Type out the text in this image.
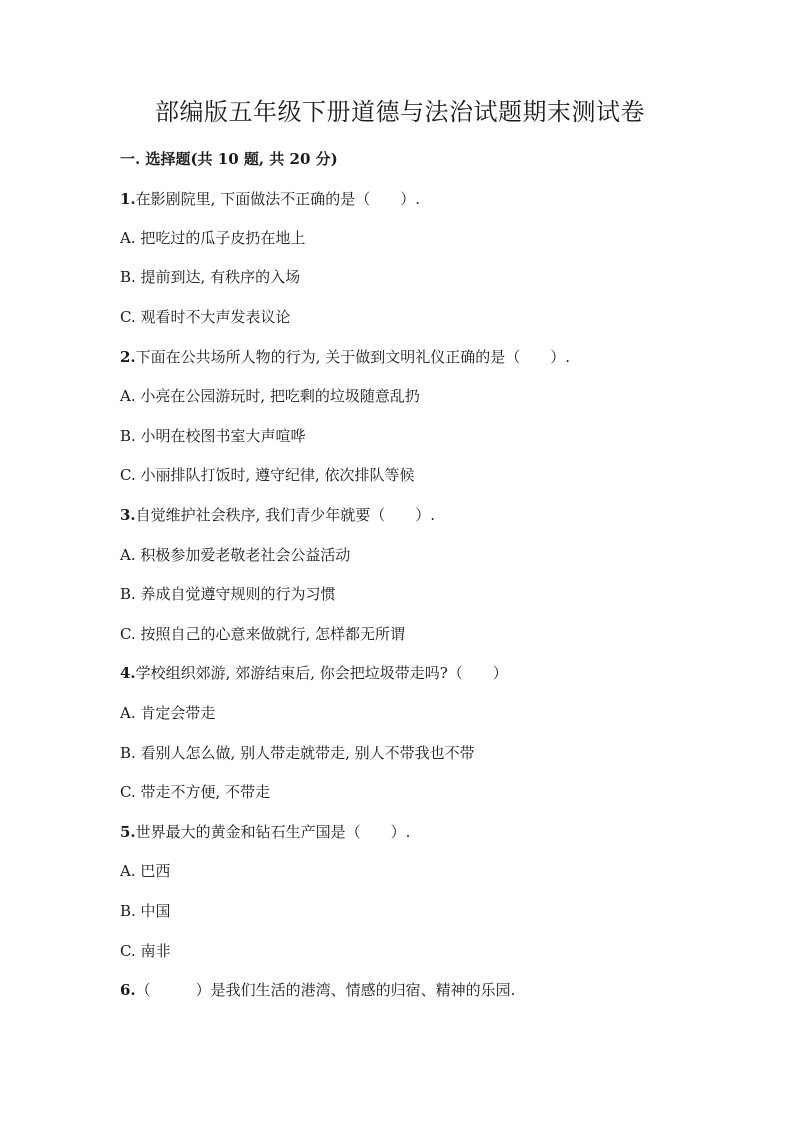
部编版五年级下册道德与法治试题期末测试卷
一. 选择题(共 10 题, 共 20 分)
1.在影剧院里, 下面做法不正确的是（　　）.
A. 把吃过的瓜子皮扔在地上
B. 提前到达, 有秩序的入场
C. 观看时不大声发表议论
2.下面在公共场所人物的行为, 关于做到文明礼仪正确的是（　　）.
A. 小亮在公园游玩时, 把吃剩的垃圾随意乱扔
B. 小明在校图书室大声喧哗
C. 小丽排队打饭时, 遵守纪律, 依次排队等候
3.自觉维护社会秩序, 我们青少年就要（　　）.
A. 积极参加爱老敬老社会公益活动
B. 养成自觉遵守规则的行为习惯
C. 按照自己的心意来做就行, 怎样都无所谓
4.学校组织郊游, 郊游结束后, 你会把垃圾带走吗?（　　）
A. 肯定会带走
B. 看别人怎么做, 别人带走就带走, 别人不带我也不带
C. 带走不方便, 不带走
5.世界最大的黄金和钻石生产国是（　　）.
A. 巴西
B. 中国
C. 南非
6.（　　　）是我们生活的港湾、情感的归宿、精神的乐园.
